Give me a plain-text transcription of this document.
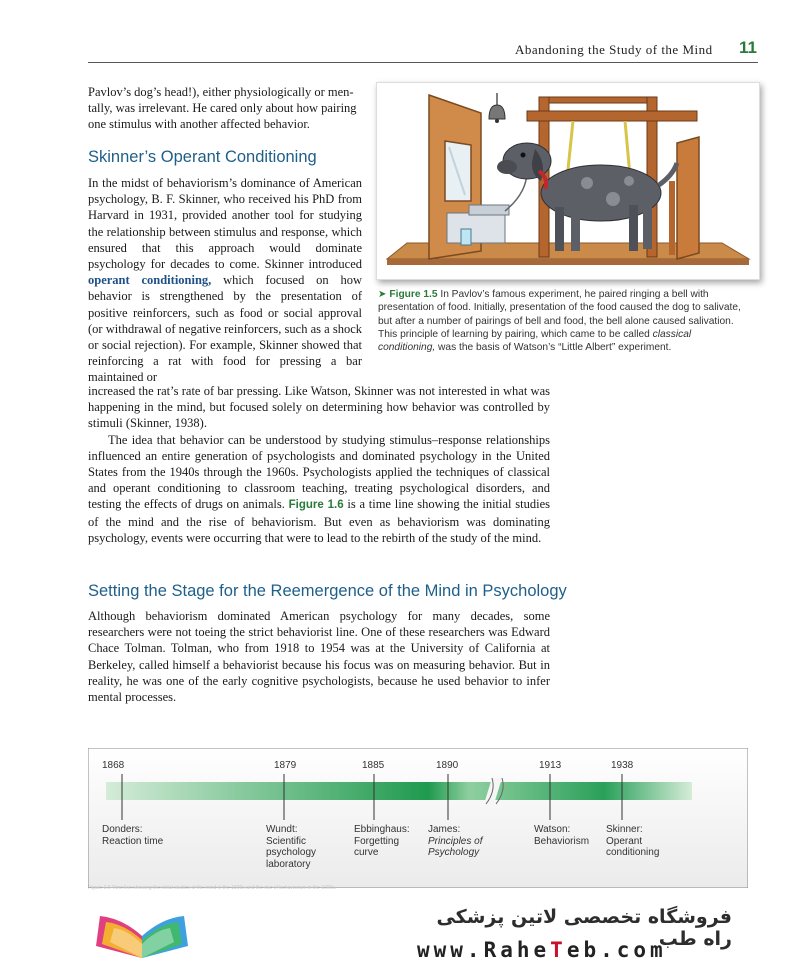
Abandoning the Study of the Mind 11
Pavlov’s dog’s head!), either physiologically or men-
tally, was irrelevant. He cared only about how pairing
one stimulus with another affected behavior.
Skinner’s Operant Conditioning

In the midst of behaviorism’s dominance of American psychology, B. F. Skinner, who received his PhD from Harvard in 1931, provided another tool for studying the relationship between stimulus and response, which ensured that this approach would dominate psychology for decades to come. Skinner introduced operant conditioning, which focused on how behavior is strengthened by the presentation of positive reinforcers, such as food or social approval (or withdrawal of negative reinforcers, such as a shock or social rejection). For example, Skinner showed that reinforcing a rat with food for pressing a bar maintained or

increased the rat’s rate of bar pressing. Like Watson, Skinner was not interested in what was happening in the mind, but focused solely on determining how behavior was controlled by stimuli (Skinner, 1938).

The idea that behavior can be understood by studying stimulus–response relationships influenced an entire generation of psychologists and dominated psychology in the United States from the 1940s through the 1960s. Psychologists applied the techniques of classical and operant conditioning to classroom teaching, treating psychological disorders, and testing the effects of drugs on animals. Figure 1.6 is a time line showing the initial studies of the mind and the rise of behaviorism. But even as behaviorism was dominating psychology, events were occurring that were to lead to the rebirth of the study of the mind.

Setting the Stage for the Reemergence of the Mind in Psychology

Although behaviorism dominated American psychology for many decades, some researchers were not toeing the strict behaviorist line. One of these researchers was Edward Chace Tolman. Tolman, who from 1918 to 1954 was at the University of California at Berkeley, called himself a behaviorist because his focus was on measuring behavior. But in reality, he was one of the early cognitive psychologists, because he used behavior to infer mental processes.

➤ Figure 1.5 In Pavlov’s famous experiment, he paired ringing a bell with presentation of food. Initially, presentation of the food caused the dog to salivate, but after a number of pairings of bell and food, the bell alone caused salivation. This principle of learning by pairing, which came to be called classical conditioning, was the basis of Watson’s “Little Albert” experiment.
1868	1879	1885	1890	1913	1938
Donders:
Reaction time
Wundt:
Scientific
psychology
laboratory
Ebbinghaus:
Forgetting
curve
James:
Principles of
Psychology
Watson:
Behaviorism
Skinner:
Operant
conditioning
Figure 1.6 Time line showing the initial studies of the mind in the 1800s and the rise of behaviorism in the 1900s.
فروشگاه تخصصی لاتین پزشکی راه طب
www.RaheTeb.com
